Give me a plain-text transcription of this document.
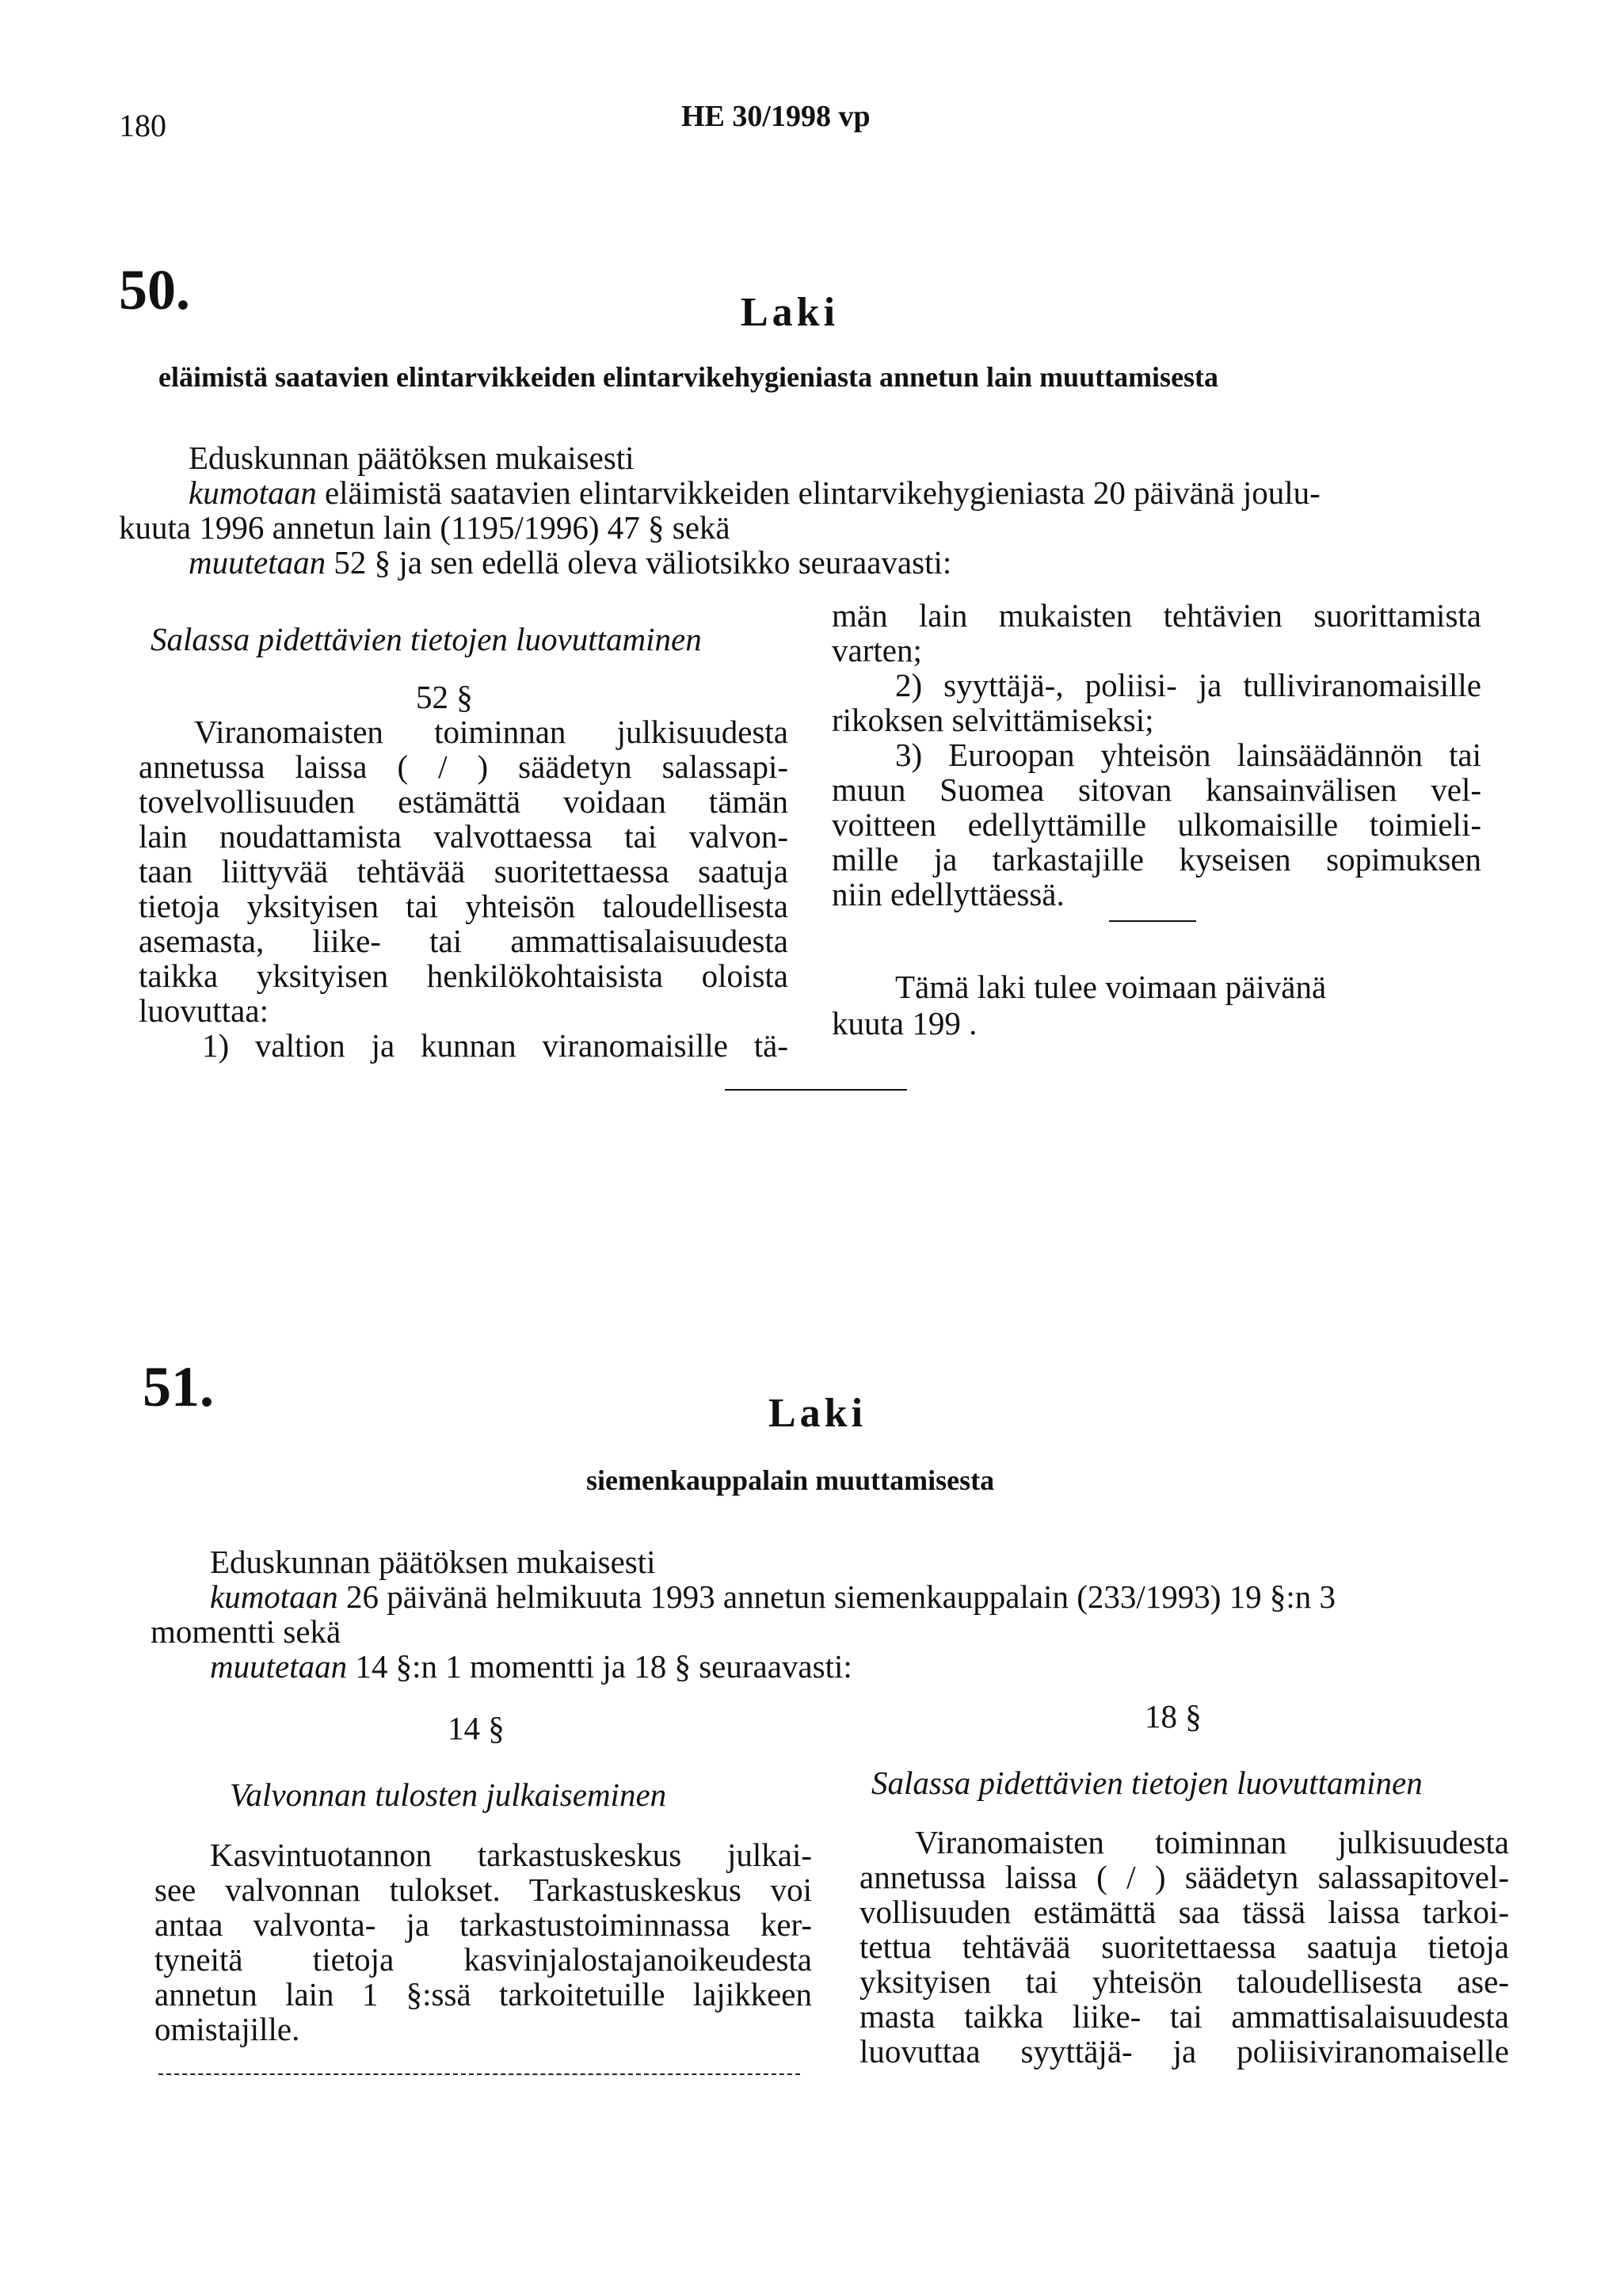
180	HE 30/1998 vp
50.	Laki
eläimistä saatavien elintarvikkeiden elintarvikehygieniasta annetun lain muuttamisesta
Eduskunnan päätöksen mukaisesti
kumotaan eläimistä saatavien elintarvikkeiden elintarvikehygieniasta 20 päivänä joulu-
kuuta 1996 annetun lain (1195/1996) 47 § sekä
muutetaan 52 § ja sen edellä oleva väliotsikko seuraavasti:
Salassa pidettävien tietojen luovuttaminen
52 §
Viranomaisten toiminnan julkisuudesta
annetussa laissa ( / ) säädetyn salassapi-
tovelvollisuuden estämättä voidaan tämän
lain noudattamista valvottaessa tai valvon-
taan liittyvää tehtävää suoritettaessa saatuja
tietoja yksityisen tai yhteisön taloudellisesta
asemasta, liike- tai ammattisalaisuudesta
taikka yksityisen henkilökohtaisista oloista
luovuttaa:
1) valtion ja kunnan viranomaisille tä-
män lain mukaisten tehtävien suorittamista
varten;
2) syyttäjä-, poliisi- ja tulliviranomaisille
rikoksen selvittämiseksi;
3) Euroopan yhteisön lainsäädännön tai
muun Suomea sitovan kansainvälisen vel-
voitteen edellyttämille ulkomaisille toimieli-
mille ja tarkastajille kyseisen sopimuksen
niin edellyttäessä.
Tämä laki tulee voimaan päivänä
kuuta 199 .
51.	Laki
siemenkauppalain muuttamisesta
Eduskunnan päätöksen mukaisesti
kumotaan 26 päivänä helmikuuta 1993 annetun siemenkauppalain (233/1993) 19 §:n 3
momentti sekä
muutetaan 14 §:n 1 momentti ja 18 § seuraavasti:
14 §
Valvonnan tulosten julkaiseminen
Kasvintuotannon tarkastuskeskus julkai-
see valvonnan tulokset. Tarkastuskeskus voi
antaa valvonta- ja tarkastustoiminnassa ker-
tyneitä tietoja kasvinjalostajanoikeudesta
annetun lain 1 §:ssä tarkoitetuille lajikkeen
omistajille.
18 §
Salassa pidettävien tietojen luovuttaminen
Viranomaisten toiminnan julkisuudesta
annetussa laissa ( / ) säädetyn salassapitovel-
vollisuuden estämättä saa tässä laissa tarkoi-
tettua tehtävää suoritettaessa saatuja tietoja
yksityisen tai yhteisön taloudellisesta ase-
masta taikka liike- tai ammattisalaisuudesta
luovuttaa syyttäjä- ja poliisiviranomaiselle
